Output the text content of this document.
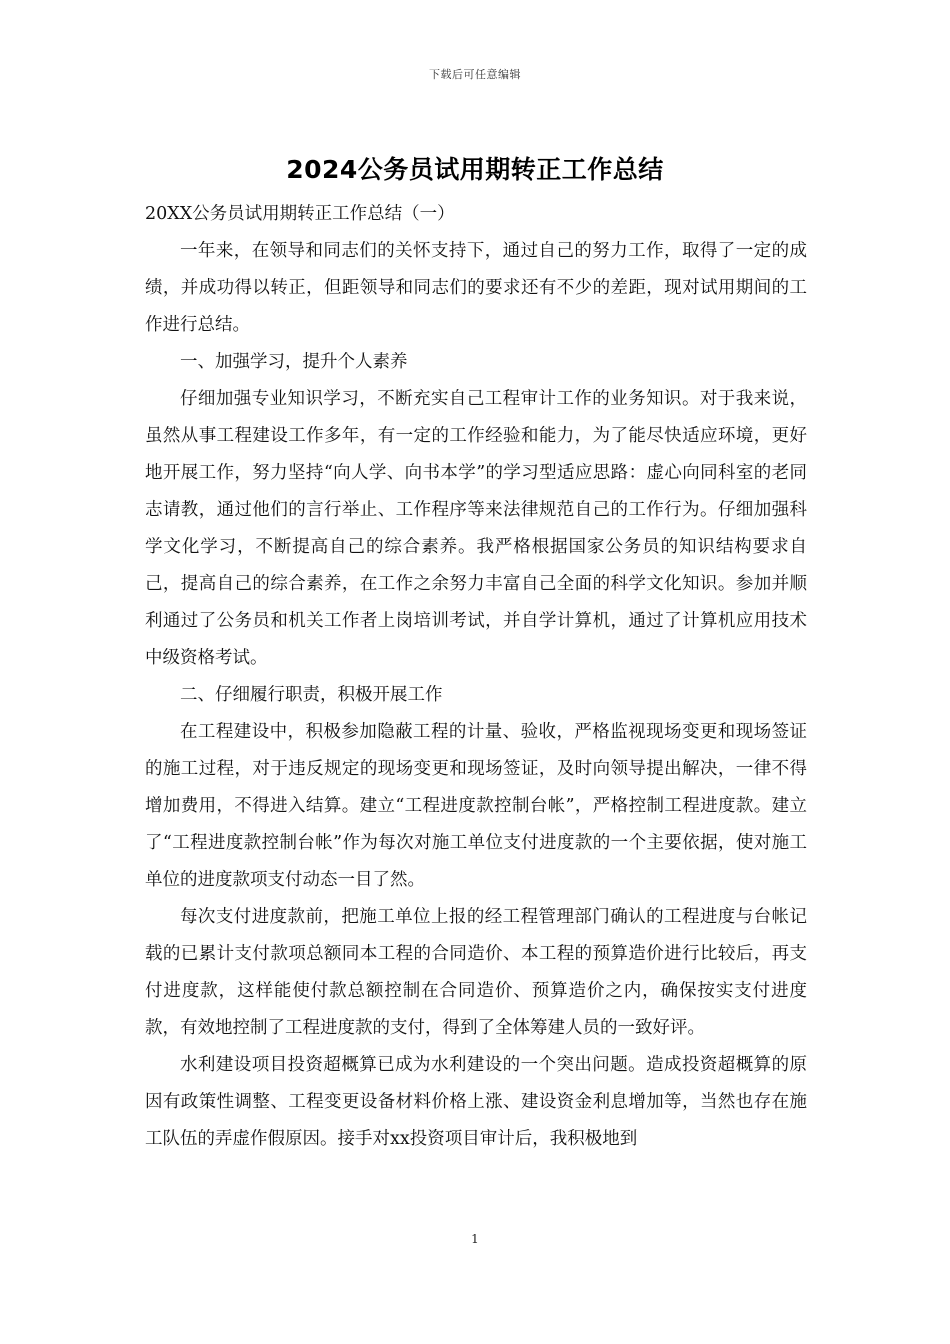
下载后可任意编辑
2024公务员试用期转正工作总结

20XX公务员试用期转正工作总结（一）

一年来，在领导和同志们的关怀支持下，通过自己的努力工作，取得了一定的成绩，并成功得以转正，但距领导和同志们的要求还有不少的差距，现对试用期间的工作进行总结。

一、加强学习，提升个人素养

仔细加强专业知识学习，不断充实自己工程审计工作的业务知识。对于我来说，虽然从事工程建设工作多年，有一定的工作经验和能力，为了能尽快适应环境，更好地开展工作，努力坚持“向人学、向书本学”的学习型适应思路：虚心向同科室的老同志请教，通过他们的言行举止、工作程序等来法律规范自己的工作行为。仔细加强科学文化学习，不断提高自己的综合素养。我严格根据国家公务员的知识结构要求自己，提高自己的综合素养，在工作之余努力丰富自己全面的科学文化知识。参加并顺利通过了公务员和机关工作者上岗培训考试，并自学计算机，通过了计算机应用技术中级资格考试。

二、仔细履行职责，积极开展工作

在工程建设中，积极参加隐蔽工程的计量、验收，严格监视现场变更和现场签证的施工过程，对于违反规定的现场变更和现场签证，及时向领导提出解决，一律不得增加费用，不得进入结算。建立“工程进度款控制台帐”，严格控制工程进度款。建立了“工程进度款控制台帐”作为每次对施工单位支付进度款的一个主要依据，使对施工单位的进度款项支付动态一目了然。

每次支付进度款前，把施工单位上报的经工程管理部门确认的工程进度与台帐记载的已累计支付款项总额同本工程的合同造价、本工程的预算造价进行比较后，再支付进度款，这样能使付款总额控制在合同造价、预算造价之内，确保按实支付进度款，有效地控制了工程进度款的支付，得到了全体筹建人员的一致好评。

水利建设项目投资超概算已成为水利建设的一个突出问题。造成投资超概算的原因有政策性调整、工程变更设备材料价格上涨、建设资金利息增加等，当然也存在施工队伍的弄虚作假原因。接手对xx投资项目审计后，我积极地到

1
